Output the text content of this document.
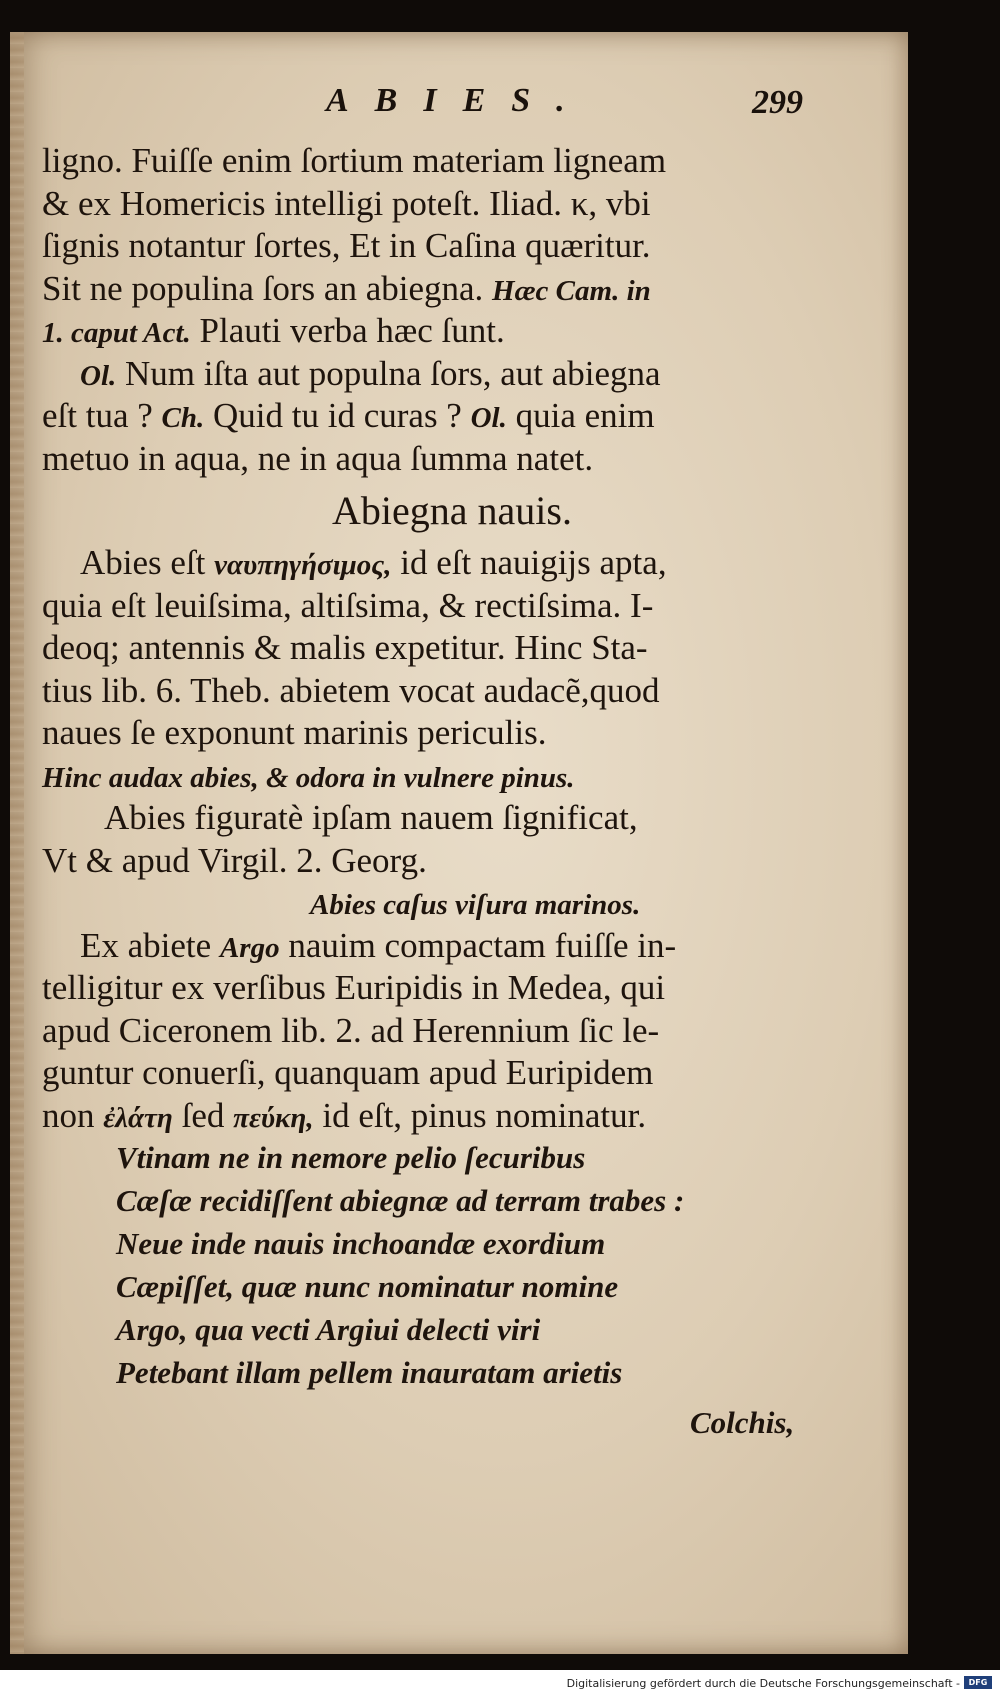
ABIES.	299
ligno. Fuiſſe enim ſortium materiam ligneam
& ex Homericis intelligi poteſt. Iliad. κ, vbi
ſignis notantur ſortes, Et in Caſina quæritur.
Sit ne populina ſors an abiegna. Hæc Cam. in
1. caput Act. Plauti verba hæc ſunt.
Ol. Num iſta aut populna ſors, aut abiegna
eſt tua ? Ch. Quid tu id curas ? Ol. quia enim
metuo in aqua, ne in aqua ſumma natet.
Abiegna nauis.
Abies eſt ναυπηγήσιμος, id eſt nauigijs apta,
quia eſt leuiſsima, altiſsima, & rectiſsima. I-
deoq; antennis & malis expetitur. Hinc Sta-
tius lib. 6. Theb. abietem vocat audacẽ,quod
naues ſe exponunt marinis periculis.
Hinc audax abies, & odora in vulnere pinus.
Abies figuratè ipſam nauem ſignificat,
Vt & apud Virgil. 2. Georg.
Abies caſus viſura marinos.
Ex abiete Argo nauim compactam fuiſſe in-
telligitur ex verſibus Euripidis in Medea, qui
apud Ciceronem lib. 2. ad Herennium ſic le-
guntur conuerſi, quanquam apud Euripidem
non ἐλάτη ſed πεύκη, id eſt, pinus nominatur.
Vtinam ne in nemore pelio ſecuribus
Cæſæ recidiſſent abiegnæ ad terram trabes :
Neue inde nauis inchoandæ exordium
Cæpiſſet, quæ nunc nominatur nomine
Argo, qua vecti Argiui delecti viri
Petebant illam pellem inauratam arietis
Colchis,
Digitalisierung gefördert durch die Deutsche Forschungsgemeinschaft -	DFG
